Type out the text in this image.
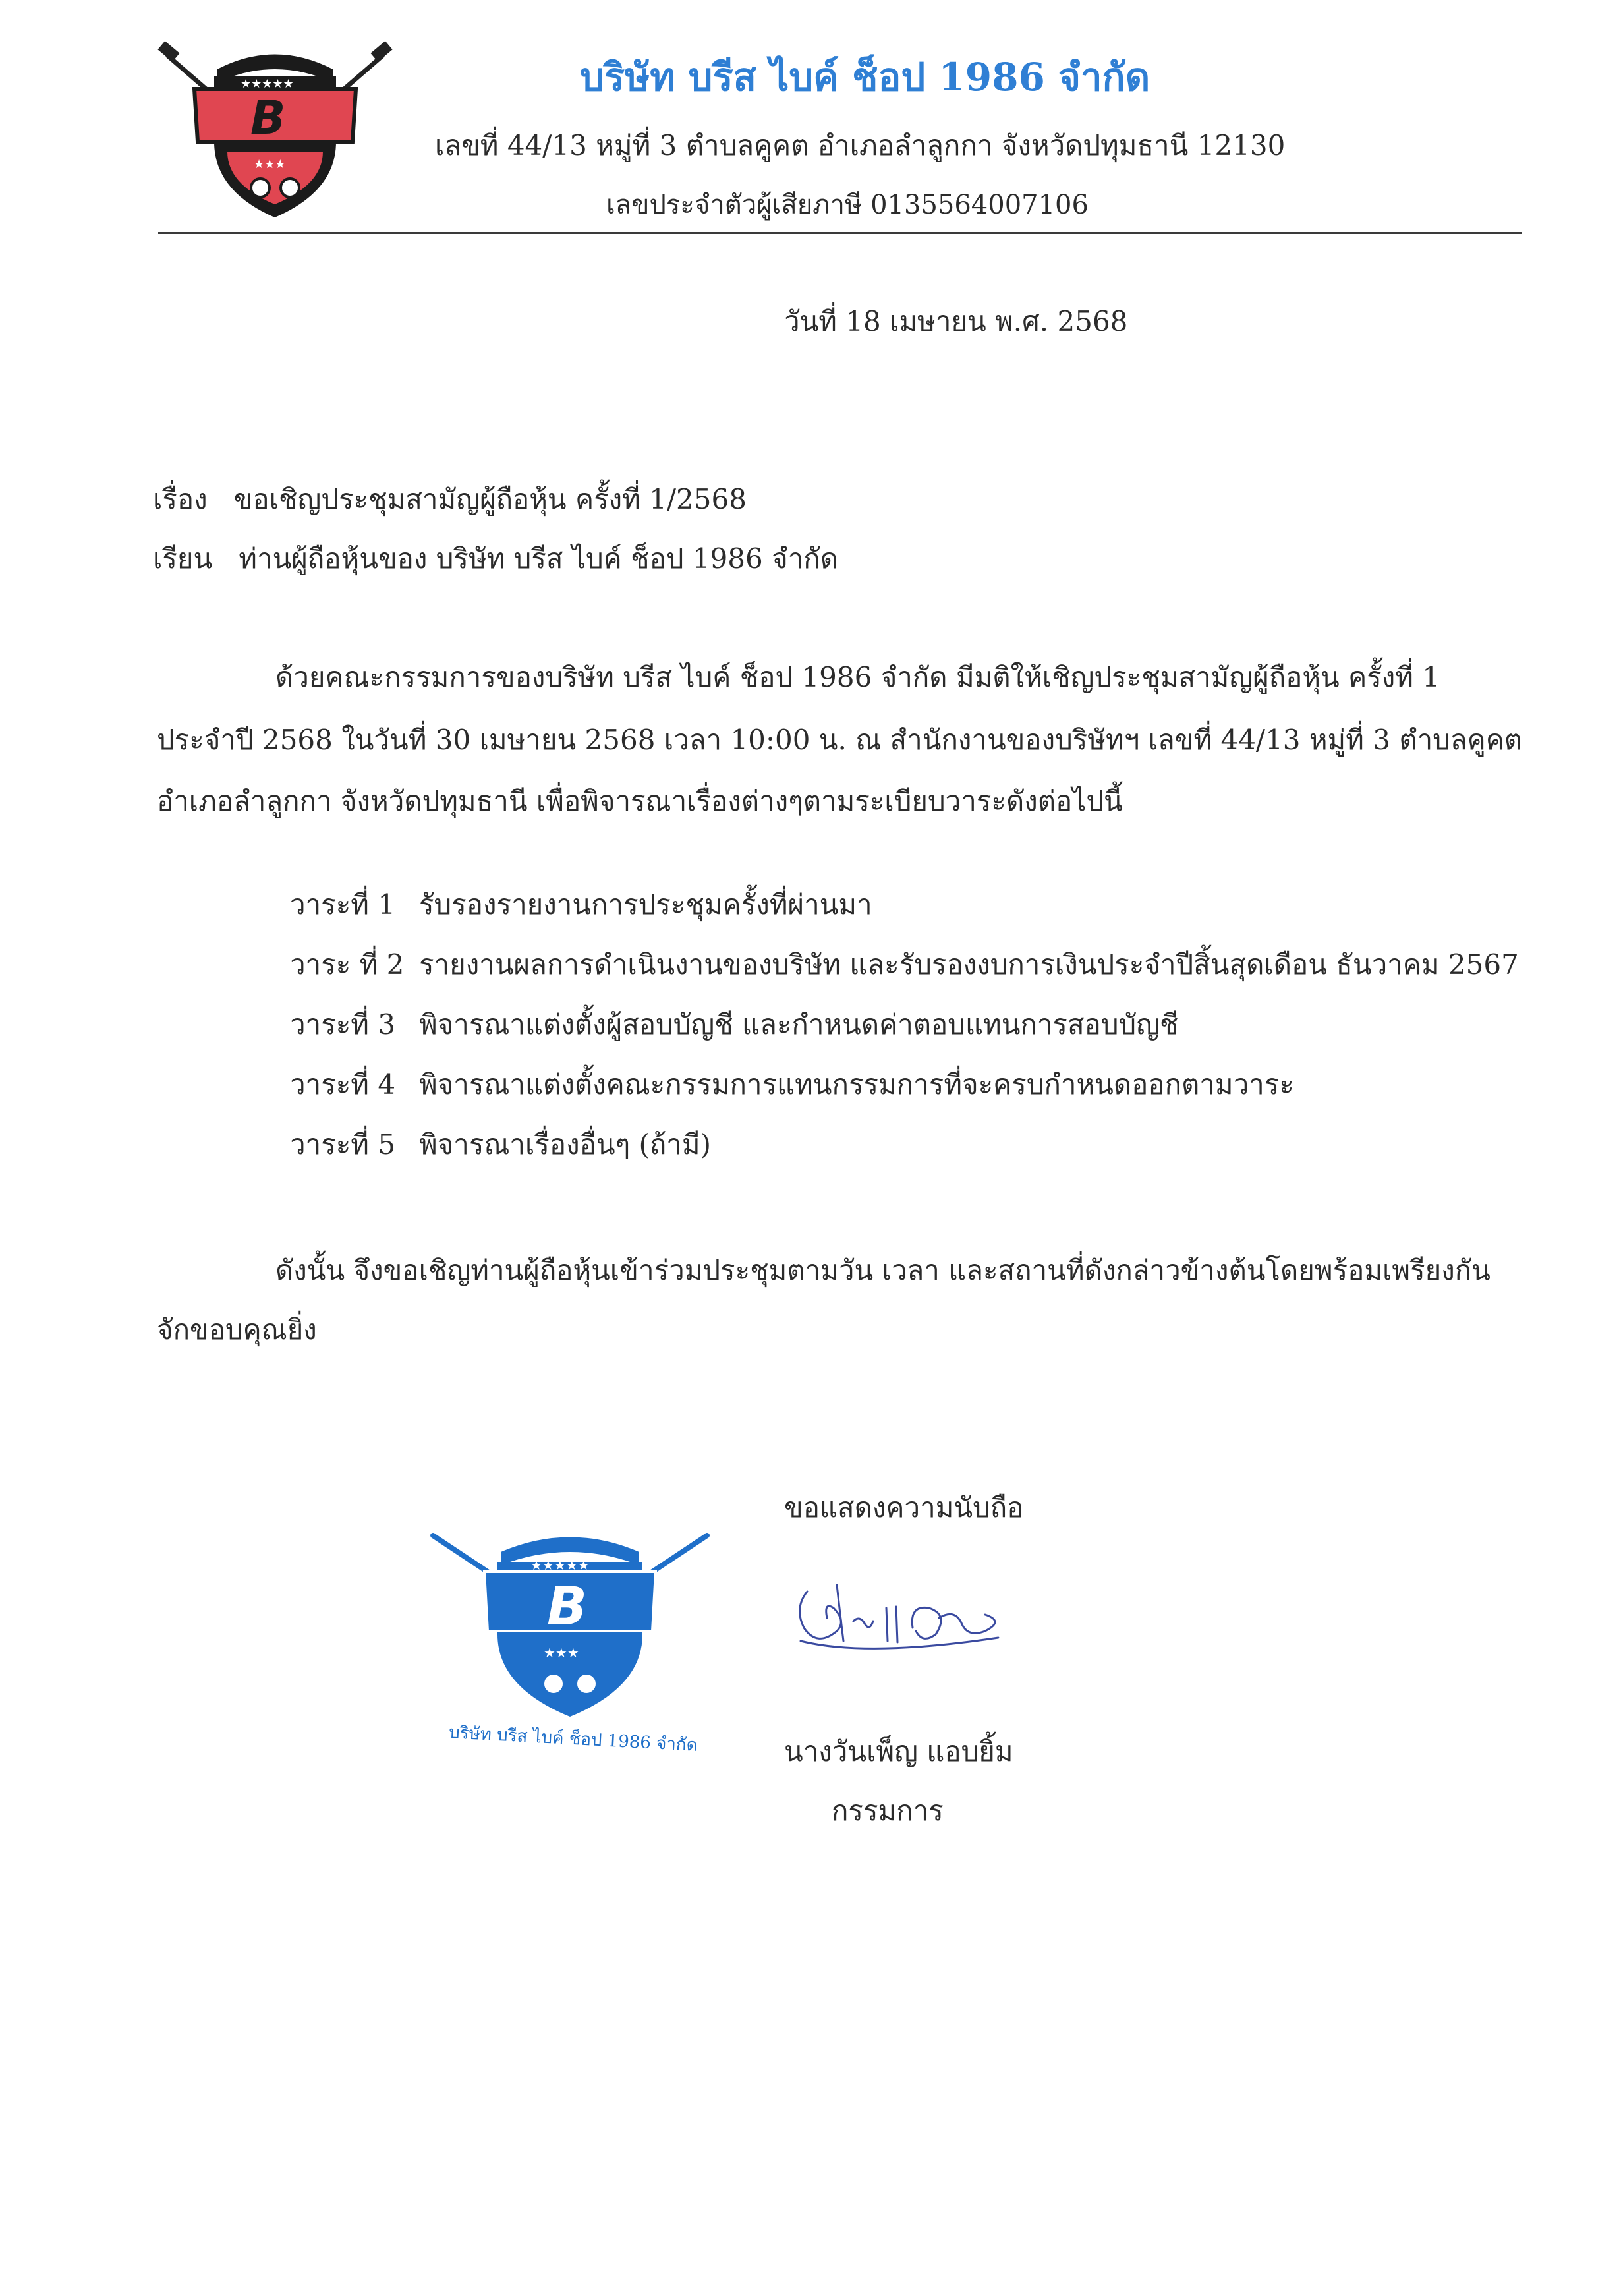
★★★★★
★★★
B
บริษัท บรีส ไบค์ ช็อป 1986 จำกัด
เลขที่ 44/13 หมู่ที่ 3 ตำบลคูคต อำเภอลำลูกกา จังหวัดปทุมธานี 12130
เลขประจำตัวผู้เสียภาษี 0135564007106
วันที่ 18 เมษายน พ.ศ. 2568
เรื่อง ขอเชิญประชุมสามัญผู้ถือหุ้น ครั้งที่ 1/2568
เรียน ท่านผู้ถือหุ้นของ บริษัท บรีส ไบค์ ช็อป 1986 จำกัด
ด้วยคณะกรรมการของบริษัท บรีส ไบค์ ช็อป 1986 จำกัด มีมติให้เชิญประชุมสามัญผู้ถือหุ้น ครั้งที่ 1
ประจำปี 2568 ในวันที่ 30 เมษายน 2568 เวลา 10:00 น. ณ สำนักงานของบริษัทฯ เลขที่ 44/13 หมู่ที่ 3 ตำบลคูคต
อำเภอลำลูกกา จังหวัดปทุมธานี เพื่อพิจารณาเรื่องต่างๆตามระเบียบวาระดังต่อไปนี้
วาระที่ 1 รับรองรายงานการประชุมครั้งที่ผ่านมา
วาระ ที่ 2 รายงานผลการดำเนินงานของบริษัท และรับรองงบการเงินประจำปีสิ้นสุดเดือน ธันวาคม 2567
วาระที่ 3 พิจารณาแต่งตั้งผู้สอบบัญชี และกำหนดค่าตอบแทนการสอบบัญชี
วาระที่ 4 พิจารณาแต่งตั้งคณะกรรมการแทนกรรมการที่จะครบกำหนดออกตามวาระ
วาระที่ 5 พิจารณาเรื่องอื่นๆ (ถ้ามี)
ดังนั้น จึงขอเชิญท่านผู้ถือหุ้นเข้าร่วมประชุมตามวัน เวลา และสถานที่ดังกล่าวข้างต้นโดยพร้อมเพรียงกัน
จักขอบคุณยิ่ง
ขอแสดงความนับถือ
นางวันเพ็ญ แอบยิ้ม
กรรมการ
★★★★★
★★★
B
บริษัท บรีส ไบค์ ช็อป 1986 จำกัด
